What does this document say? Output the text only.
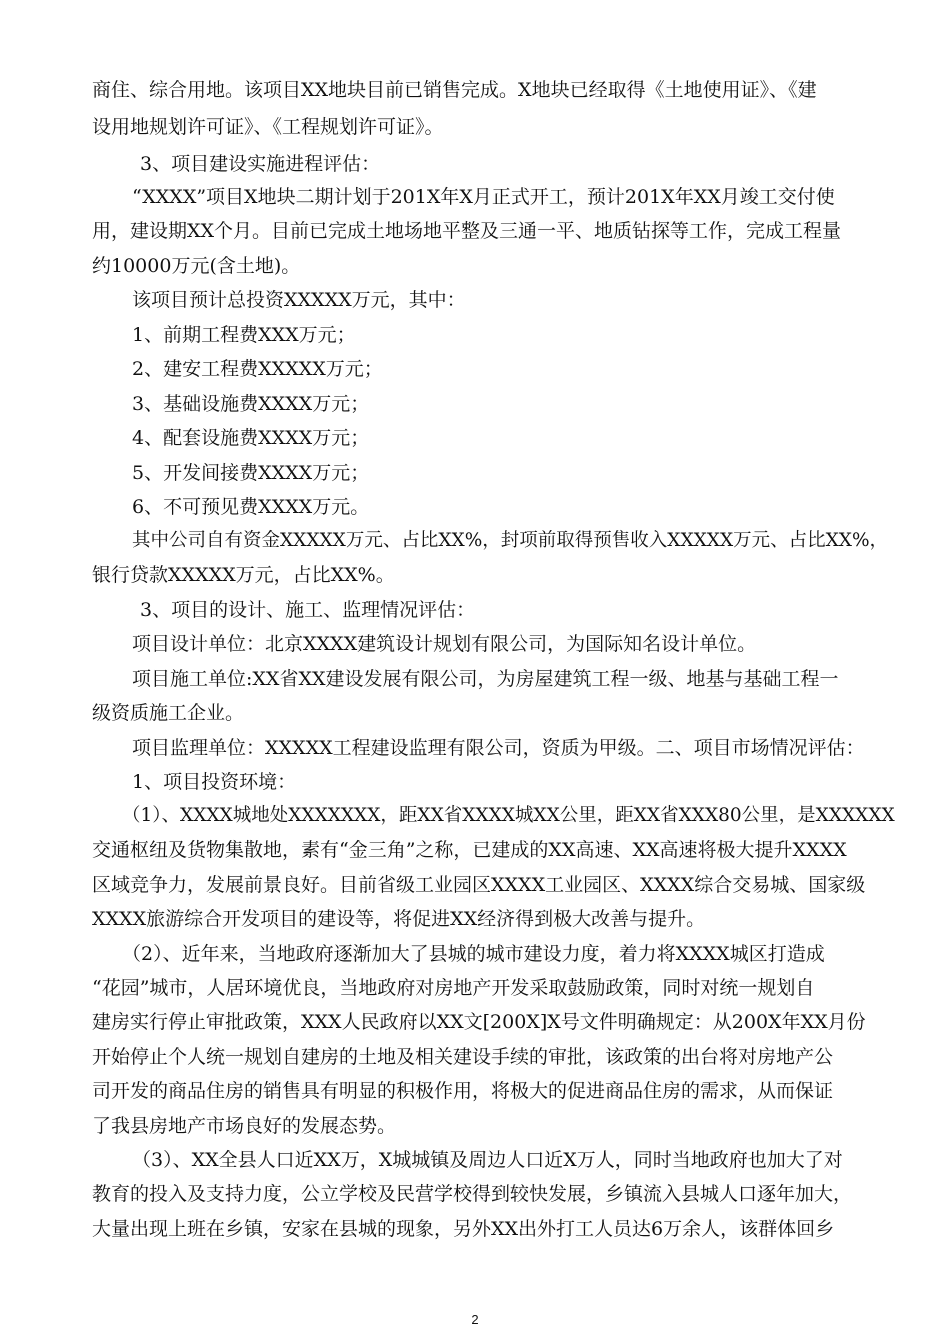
商住、综合用地。该项目XX地块目前已销售完成。X地块已经取得《土地使用证》、《建
设用地规划许可证》、《工程规划许可证》。
3、项目建设实施进程评估：
“XXXX”项目X地块二期计划于201X年X月正式开工，预计201X年XX月竣工交付使
用，建设期XX个月。目前已完成土地场地平整及三通一平、地质钻探等工作，完成工程量
约10000万元(含土地)。
该项目预计总投资XXXXX万元，其中：
1、前期工程费XXX万元；
2、建安工程费XXXXX万元；
3、基础设施费XXXX万元；
4、配套设施费XXXX万元；
5、开发间接费XXXX万元；
6、不可预见费XXXX万元。
其中公司自有资金XXXXX万元、占比XX%，封项前取得预售收入XXXXX万元、占比XX%，
银行贷款XXXXX万元，占比XX%。
3、项目的设计、施工、监理情况评估：
项目设计单位：北京XXXX建筑设计规划有限公司，为国际知名设计单位。
项目施工单位:XX省XX建设发展有限公司，为房屋建筑工程一级、地基与基础工程一
级资质施工企业。
项目监理单位：XXXXX工程建设监理有限公司，资质为甲级。二、项目市场情况评估：
1、项目投资环境：
（1）、XXXX城地处XXXXXXX，距XX省XXXX城XX公里，距XX省XXX80公里，是XXXXXX
交通枢纽及货物集散地，素有“金三角”之称，已建成的XX高速、XX高速将极大提升XXXX
区域竞争力，发展前景良好。目前省级工业园区XXXX工业园区、XXXX综合交易城、国家级
XXXX旅游综合开发项目的建设等，将促进XX经济得到极大改善与提升。
（2）、近年来，当地政府逐渐加大了县城的城市建设力度，着力将XXXX城区打造成
“花园”城市，人居环境优良，当地政府对房地产开发采取鼓励政策，同时对统一规划自
建房实行停止审批政策，XXX人民政府以XX文[200X]X号文件明确规定：从200X年XX月份
开始停止个人统一规划自建房的土地及相关建设手续的审批，该政策的出台将对房地产公
司开发的商品住房的销售具有明显的积极作用，将极大的促进商品住房的需求，从而保证
了我县房地产市场良好的发展态势。
（3）、XX全县人口近XX万，X城城镇及周边人口近X万人，同时当地政府也加大了对
教育的投入及支持力度，公立学校及民营学校得到较快发展，乡镇流入县城人口逐年加大，
大量出现上班在乡镇，安家在县城的现象，另外XX出外打工人员达6万余人，该群体回乡
2
